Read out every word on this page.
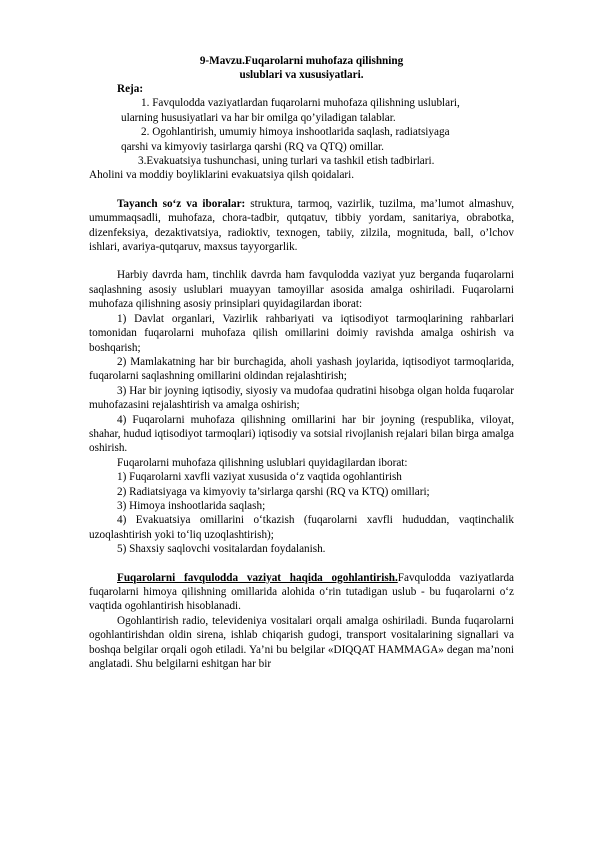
9-Mavzu.Fuqarolarni muhofaza qilishning
uslublari va xususiyatlari.

Reja:

1. Favqulodda vaziyatlardan fuqarolarni muhofaza qilishning uslublari,

ularning hususiyatlari va har bir omilga qo’yiladigan talablar.

2. Ogohlantirish, umumiy himoya inshootlarida saqlash, radiatsiyaga

qarshi va kimyoviy tasirlarga qarshi (RQ va QTQ) omillar.

3.Evakuatsiya tushunchasi, uning turlari va tashkil etish tadbirlari.

Aholini va moddiy boyliklarini evakuatsiya qilsh qoidalari.

Tayanch so‘z va iboralar: struktura, tarmoq, vazirlik, tuzilma, ma’lumot almashuv, umummaqsadli, muhofaza, chora-tadbir, qutqatuv, tibbiy yordam, sanitariya, obrabotka, dizenfeksiya, dezaktivatsiya, radioktiv, texnogen, tabiiy, zilzila, mognituda, ball, o’lchov ishlari, avariya-qutqaruv, maxsus tayyorgarlik.

Harbiy davrda ham, tinchlik davrda ham favqulodda vaziyat yuz berganda fuqarolarni saqlashning asosiy uslublari muayyan tamoyillar asosida amalga oshiriladi. Fuqarolarni muhofaza qilishning asosiy prinsiplari quyidagilardan iborat:

1) Davlat organlari, Vazirlik rahbariyati va iqtisodiyot tarmoqlarining rahbarlari tomonidan fuqarolarni muhofaza qilish omillarini doimiy ravishda amalga oshirish va boshqarish;

2) Mamlakatning har bir burchagida, aholi yashash joylarida, iqtisodiyot tarmoqlarida, fuqarolarni saqlashning omillarini oldindan rejalashtirish;

3) Har bir joyning iqtisodiy, siyosiy va mudofaa qudratini hisobga olgan holda fuqarolar muhofazasini rejalashtirish va amalga oshirish;

4) Fuqarolarni muhofaza qilishning omillarini har bir joyning (respublika, viloyat, shahar, hudud iqtisodiyot tarmoqlari) iqtisodiy va sotsial rivojlanish rejalari bilan birga amalga oshirish.

Fuqarolarni muhofaza qilishning uslublari quyidagilardan iborat:

1) Fuqarolarni xavfli vaziyat xususida o‘z vaqtida ogohlantirish

2) Radiatsiyaga va kimyoviy ta’sirlarga qarshi (RQ va KTQ) omillari;

3) Himoya inshootlarida saqlash;

4) Evakuatsiya omillarini o‘tkazish (fuqarolarni xavfli hududdan, vaqtinchalik uzoqlashtirish yoki to‘liq uzoqlashtirish);

5) Shaxsiy saqlovchi vositalardan foydalanish.

Fuqarolarni favqulodda vaziyat haqida ogohlantirish.Favqulodda vaziyatlarda fuqarolarni himoya qilishning omillarida alohida o‘rin tutadigan uslub - bu fuqarolarni o‘z vaqtida ogohlantirish hisoblanadi.

Ogohlantirish radio, televideniya vositalari orqali amalga oshiriladi. Bunda fuqarolarni ogohlantirishdan oldin sirena, ishlab chiqarish gudogi, transport vositalarining signallari va boshqa belgilar orqali ogoh etiladi. Ya’ni bu belgilar «DIQQAT HAMMAGA» degan ma’noni anglatadi. Shu belgilarni eshitgan har bir
